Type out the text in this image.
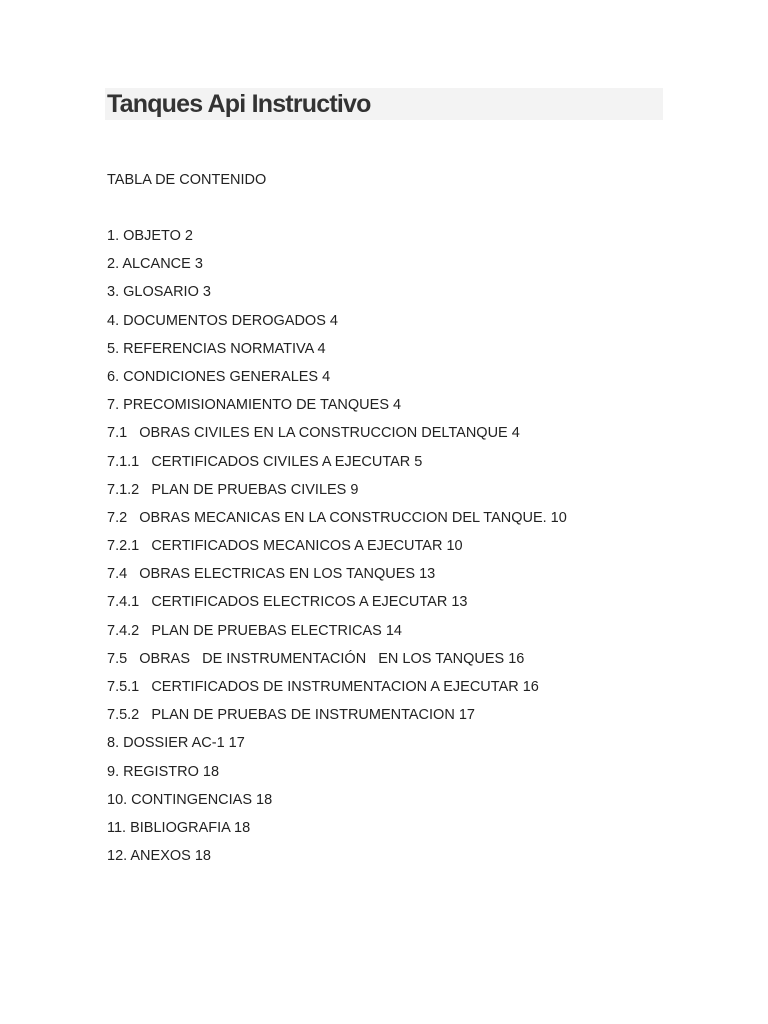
Tanques Api Instructivo
TABLA DE CONTENIDO
1. OBJETO 2
2. ALCANCE 3
3. GLOSARIO 3
4. DOCUMENTOS DEROGADOS 4
5. REFERENCIAS NORMATIVA 4
6. CONDICIONES GENERALES 4
7. PRECOMISIONAMIENTO DE TANQUES 4
7.1   OBRAS CIVILES EN LA CONSTRUCCION DELTANQUE 4
7.1.1   CERTIFICADOS CIVILES A EJECUTAR 5
7.1.2   PLAN DE PRUEBAS CIVILES 9
7.2   OBRAS MECANICAS EN LA CONSTRUCCION DEL TANQUE. 10
7.2.1   CERTIFICADOS MECANICOS A EJECUTAR 10
7.4   OBRAS ELECTRICAS EN LOS TANQUES 13
7.4.1   CERTIFICADOS ELECTRICOS A EJECUTAR 13
7.4.2   PLAN DE PRUEBAS ELECTRICAS 14
7.5   OBRAS   DE INSTRUMENTACIÓN   EN LOS TANQUES 16
7.5.1   CERTIFICADOS DE INSTRUMENTACION A EJECUTAR 16
7.5.2   PLAN DE PRUEBAS DE INSTRUMENTACION 17
8. DOSSIER AC-1 17
9. REGISTRO 18
10. CONTINGENCIAS 18
11. BIBLIOGRAFIA 18
12. ANEXOS 18
